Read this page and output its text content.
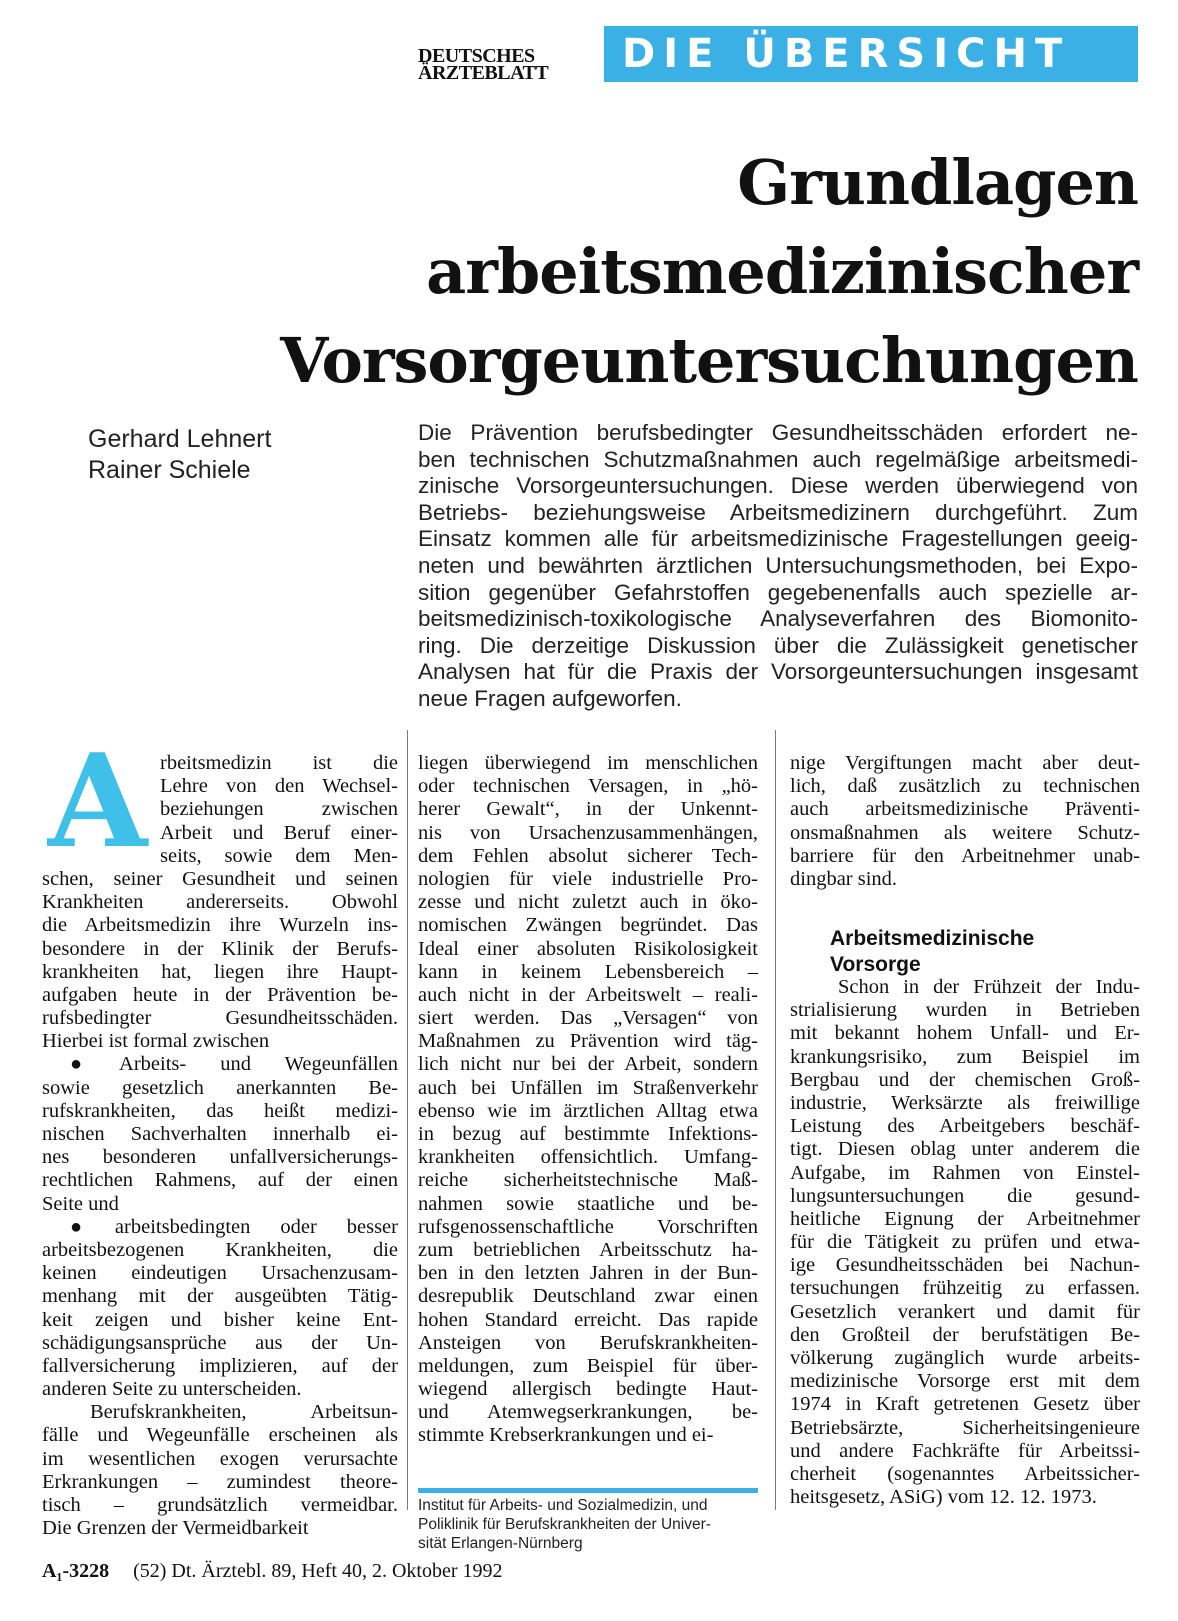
DEUTSCHES
ÄRZTEBLATT	DIE ÜBERSICHT
Grundlagen
arbeitsmedizinischer
Vorsorgeuntersuchungen
Gerhard Lehnert
Rainer Schiele
Die Prävention berufsbedingter Gesundheitsschäden erfordert ne-
ben technischen Schutzmaßnahmen auch regelmäßige arbeitsmedi-
zinische Vorsorgeuntersuchungen. Diese werden überwiegend von
Betriebs- beziehungsweise Arbeitsmedizinern durchgeführt. Zum
Einsatz kommen alle für arbeitsmedizinische Fragestellungen geeig-
neten und bewährten ärztlichen Untersuchungsmethoden, bei Expo-
sition gegenüber Gefahrstoffen gegebenenfalls auch spezielle ar-
beitsmedizinisch-toxikologische Analyseverfahren des Biomonito-
ring. Die derzeitige Diskussion über die Zulässigkeit genetischer
Analysen hat für die Praxis der Vorsorgeuntersuchungen insgesamt
neue Fragen aufgeworfen.
A rbeitsmedizin ist die
Lehre von den Wechsel-
beziehungen zwischen
Arbeit und Beruf einer-
seits, sowie dem Men-
schen, seiner Gesundheit und seinen
Krankheiten andererseits. Obwohl
die Arbeitsmedizin ihre Wurzeln ins-
besondere in der Klinik der Berufs-
krankheiten hat, liegen ihre Haupt-
aufgaben heute in der Prävention be-
rufsbedingter Gesundheitsschäden.
Hierbei ist formal zwischen
● Arbeits- und Wegeunfällen
sowie gesetzlich anerkannten Be-
rufskrankheiten, das heißt medizi-
nischen Sachverhalten innerhalb ei-
nes besonderen unfallversicherungs-
rechtlichen Rahmens, auf der einen
Seite und
● arbeitsbedingten oder besser
arbeitsbezogenen Krankheiten, die
keinen eindeutigen Ursachenzusam-
menhang mit der ausgeübten Tätig-
keit zeigen und bisher keine Ent-
schädigungsansprüche aus der Un-
fallversicherung implizieren, auf der
anderen Seite zu unterscheiden.
Berufskrankheiten, Arbeitsun-
fälle und Wegeunfälle erscheinen als
im wesentlichen exogen verursachte
Erkrankungen – zumindest theore-
tisch – grundsätzlich vermeidbar.
Die Grenzen der Vermeidbarkeit
liegen überwiegend im menschlichen
oder technischen Versagen, in „hö-
herer Gewalt“, in der Unkennt-
nis von Ursachenzusammenhängen,
dem Fehlen absolut sicherer Tech-
nologien für viele industrielle Pro-
zesse und nicht zuletzt auch in öko-
nomischen Zwängen begründet. Das
Ideal einer absoluten Risikolosigkeit
kann in keinem Lebensbereich –
auch nicht in der Arbeitswelt – reali-
siert werden. Das „Versagen“ von
Maßnahmen zu Prävention wird täg-
lich nicht nur bei der Arbeit, sondern
auch bei Unfällen im Straßenverkehr
ebenso wie im ärztlichen Alltag etwa
in bezug auf bestimmte Infektions-
krankheiten offensichtlich. Umfang-
reiche sicherheitstechnische Maß-
nahmen sowie staatliche und be-
rufsgenossenschaftliche Vorschriften
zum betrieblichen Arbeitsschutz ha-
ben in den letzten Jahren in der Bun-
desrepublik Deutschland zwar einen
hohen Standard erreicht. Das rapide
Ansteigen von Berufskrankheiten-
meldungen, zum Beispiel für über-
wiegend allergisch bedingte Haut-
und Atemwegserkrankungen, be-
stimmte Krebserkrankungen und ei-
Institut für Arbeits- und Sozialmedizin, und
Poliklinik für Berufskrankheiten der Univer-
sität Erlangen-Nürnberg
nige Vergiftungen macht aber deut-
lich, daß zusätzlich zu technischen
auch arbeitsmedizinische Präventi-
onsmaßnahmen als weitere Schutz-
barriere für den Arbeitnehmer unab-
dingbar sind.
Arbeitsmedizinische
Vorsorge
Schon in der Frühzeit der Indu-
strialisierung wurden in Betrieben
mit bekannt hohem Unfall- und Er-
krankungsrisiko, zum Beispiel im
Bergbau und der chemischen Groß-
industrie, Werksärzte als freiwillige
Leistung des Arbeitgebers beschäf-
tigt. Diesen oblag unter anderem die
Aufgabe, im Rahmen von Einstel-
lungsuntersuchungen die gesund-
heitliche Eignung der Arbeitnehmer
für die Tätigkeit zu prüfen und etwa-
ige Gesundheitsschäden bei Nachun-
tersuchungen frühzeitig zu erfassen.
Gesetzlich verankert und damit für
den Großteil der berufstätigen Be-
völkerung zugänglich wurde arbeits-
medizinische Vorsorge erst mit dem
1974 in Kraft getretenen Gesetz über
Betriebsärzte, Sicherheitsingenieure
und andere Fachkräfte für Arbeitssi-
cherheit (sogenanntes Arbeitssicher-
heitsgesetz, ASiG) vom 12. 12. 1973.
A₁-3228 (52) Dt. Ärztebl. 89, Heft 40, 2. Oktober 1992
